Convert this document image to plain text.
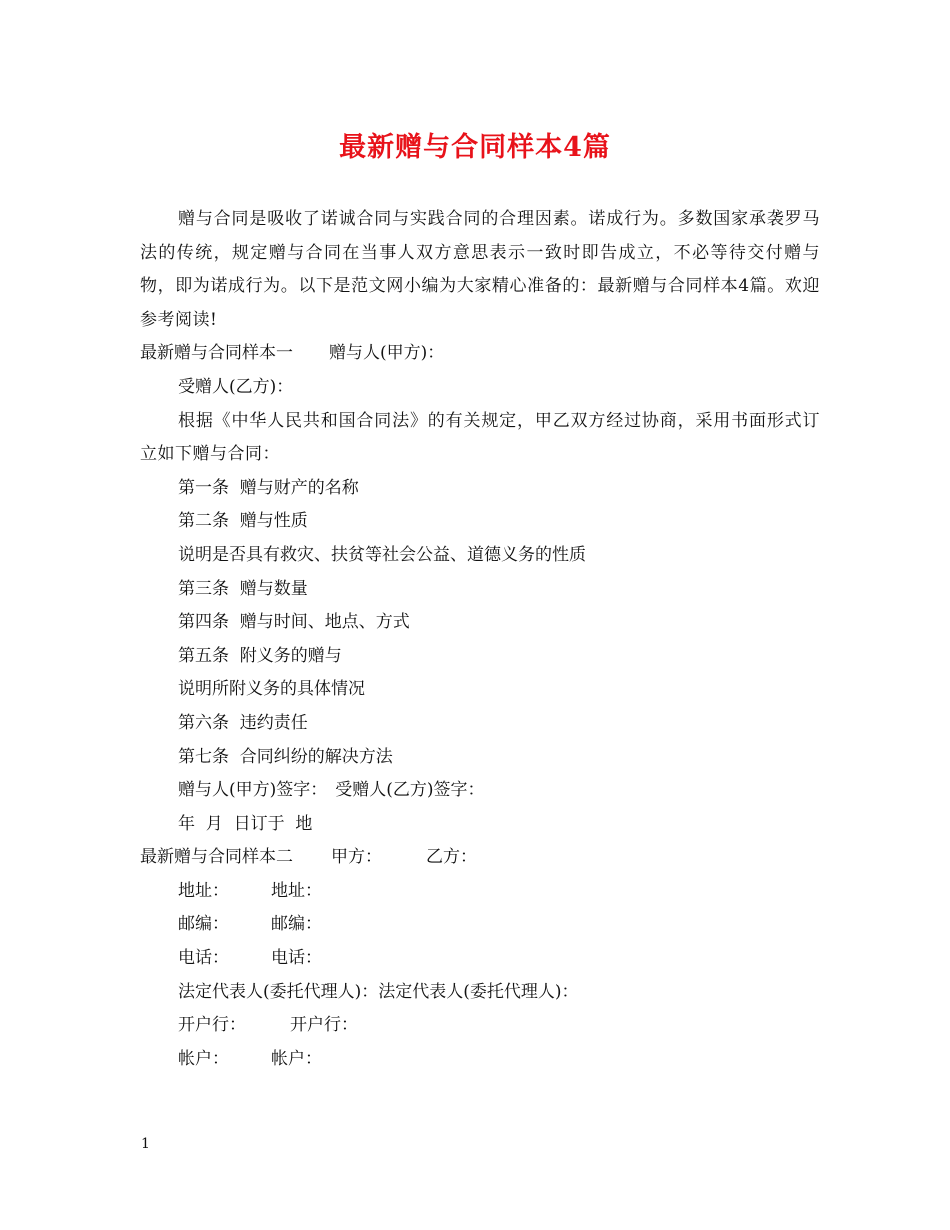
最新赠与合同样本4篇
赠与合同是吸收了诺诚合同与实践合同的合理因素。诺成行为。多数国家承袭罗马法的传统，规定赠与合同在当事人双方意思表示一致时即告成立，不必等待交付赠与物，即为诺成行为。以下是范文网小编为大家精心准备的：最新赠与合同样本4篇。欢迎参考阅读!
最新赠与合同样本一 赠与人(甲方)：
受赠人(乙方)：
根据《中华人民共和国合同法》的有关规定，甲乙双方经过协商，采用书面形式订立如下赠与合同：
第一条  赠与财产的名称
第二条  赠与性质
说明是否具有救灾、扶贫等社会公益、道德义务的性质
第三条  赠与数量
第四条  赠与时间、地点、方式
第五条  附义务的赠与
说明所附义务的具体情况
第六条  违约责任
第七条  合同纠纷的解决方法
赠与人(甲方)签字： 受赠人(乙方)签字：
年  月  日订于  地
最新赠与合同样本二 甲方：	乙方：
地址： 地址：
邮编： 邮编：
电话： 电话：
法定代表人(委托代理人)：法定代表人(委托代理人)：
开户行：	开户行：
帐户： 帐户：
1
